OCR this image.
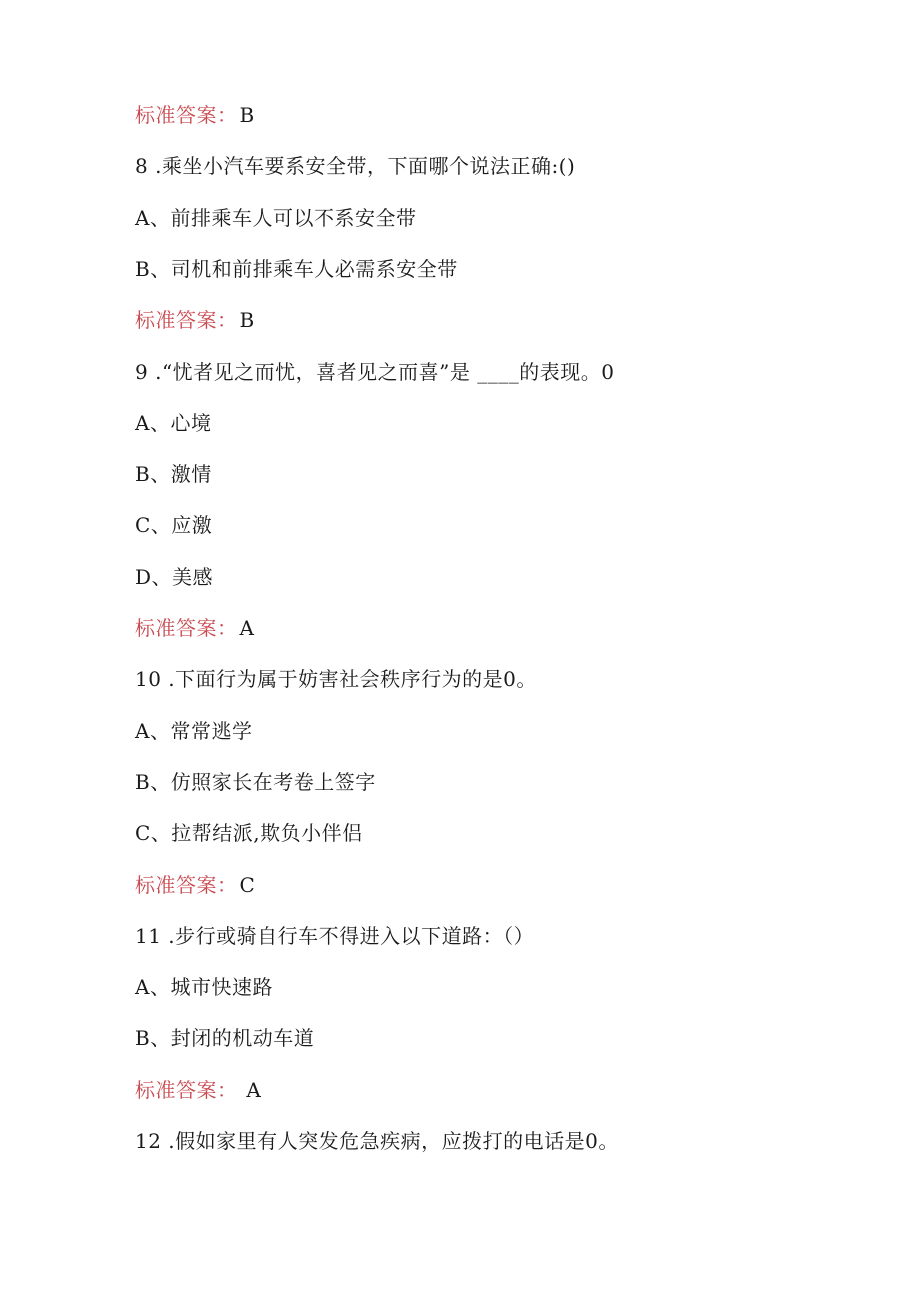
标准答案： B
8 .乘坐小汽车要系安全带，下面哪个说法正确:()
A、前排乘车人可以不系安全带
B、司机和前排乘车人必需系安全带
标准答案： B
9 .“忧者见之而忧，喜者见之而喜”是 ____的表现。0
A、心境
B、激情
C、应激
D、美感
标准答案： A
10 .下面行为属于妨害社会秩序行为的是0。
A、常常逃学
B、仿照家长在考卷上签字
C、拉帮结派,欺负小伴侣
标准答案： C
11 .步行或骑自行车不得进入以下道路：（）
A、城市快速路
B、封闭的机动车道
标准答案： A
12 .假如家里有人突发危急疾病，应拨打的电话是0。
